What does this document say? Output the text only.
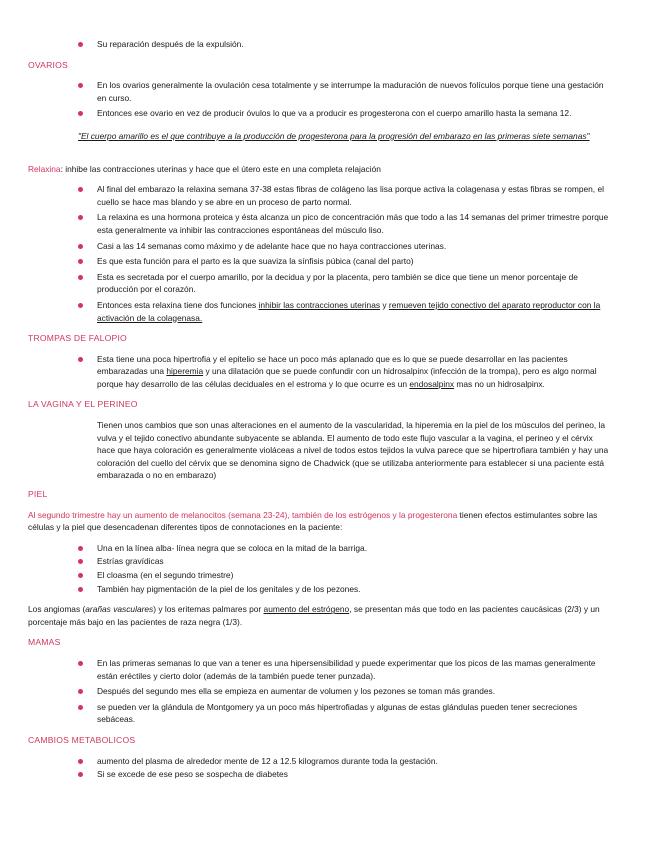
Su reparación después de la expulsión.
OVARIOS
En los ovarios generalmente la ovulación cesa totalmente y se interrumpe la maduración de nuevos folículos porque tiene una gestación en curso.
Entonces ese ovario en vez de producir óvulos lo que va a producir es progesterona con el cuerpo amarillo hasta la semana 12.
"El cuerpo amarillo es el que contribuye a la producción de progesterona para la progresión del embarazo en las primeras siete semanas"

Relaxina: inhibe las contracciones uterinas y hace que el útero este en una completa relajación

Al final del embarazo la relaxina semana 37-38 estas fibras de colágeno las lisa porque activa la colagenasa y estas fibras se rompen, el cuello se hace mas blando y se abre en un proceso de parto normal.
La relaxina es una hormona proteica y ésta alcanza un pico de concentración más que todo a las 14 semanas del primer trimestre porque esta generalmente va inhibir las contracciones espontáneas del músculo liso.
Casi a las 14 semanas como máximo y de adelante hace que no haya contracciones uterinas.
Es que esta función para el parto es la que suaviza la sínfisis púbica (canal del parto)
Esta es secretada por el cuerpo amarillo, por la decidua y por la placenta, pero también se dice que tiene un menor porcentaje de producción por el corazón.
Entonces esta relaxina tiene dos funciones inhibir las contracciones uterinas y remueven tejido conectivo del aparato reproductor con la activación de la colagenasa.
TROMPAS DE FALOPIO
Esta tiene una poca hipertrofia y el epitelio se hace un poco más aplanado que es lo que se puede desarrollar en las pacientes embarazadas una hiperemia y una dilatación que se puede confundir con un hidrosalpinx (infección de la trompa), pero es algo normal porque hay desarrollo de las células deciduales en el estroma y lo que ocurre es un endosalpinx mas no un hidrosalpinx.
LA VAGINA Y EL PERINEO

Tienen unos cambios que son unas alteraciones en el aumento de la vascularidad, la hiperemia en la piel de los músculos del perineo, la vulva y el tejido conectivo abundante subyacente se ablanda. El aumento de todo este flujo vascular a la vagina, el perineo y el cérvix hace que haya coloración es generalmente violáceas a nivel de todos estos tejidos la vulva parece que se hipertrofiara también y hay una coloración del cuello del cérvix que se denomina signo de Chadwick (que se utilizaba anteriormente para establecer si una paciente está embarazada o no en embarazo)

PIEL

Al segundo trimestre hay un aumento de melanocitos (semana 23-24), también de los estrógenos y la progesterona tienen efectos estimulantes sobre las células y la piel que desencadenan diferentes tipos de connotaciones en la paciente:

Una en la línea alba- línea negra que se coloca en la mitad de la barriga.
Estrías gravídicas
El cloasma (en el segundo trimestre)
También hay pigmentación de la piel de los genitales y de los pezones.

Los angiomas (arañas vasculares) y los eritemas palmares por aumento del estrógeno, se presentan más que todo en las pacientes caucásicas (2/3) y un porcentaje más bajo en las pacientes de raza negra (1/3).

MAMAS
En las primeras semanas lo que van a tener es una hipersensibilidad y puede experimentar que los picos de las mamas generalmente están eréctiles y cierto dolor (además de la también puede tener punzada).
Después del segundo mes ella se empieza en aumentar de volumen y los pezones se toman más grandes.
se pueden ver la glándula de Montgomery ya un poco más hipertrofiadas y algunas de estas glándulas pueden tener secreciones sebáceas.
CAMBIOS METABOLICOS
aumento del plasma de alrededor mente de 12 a 12.5 kilogramos durante toda la gestación.
Si se excede de ese peso se sospecha de diabetes
